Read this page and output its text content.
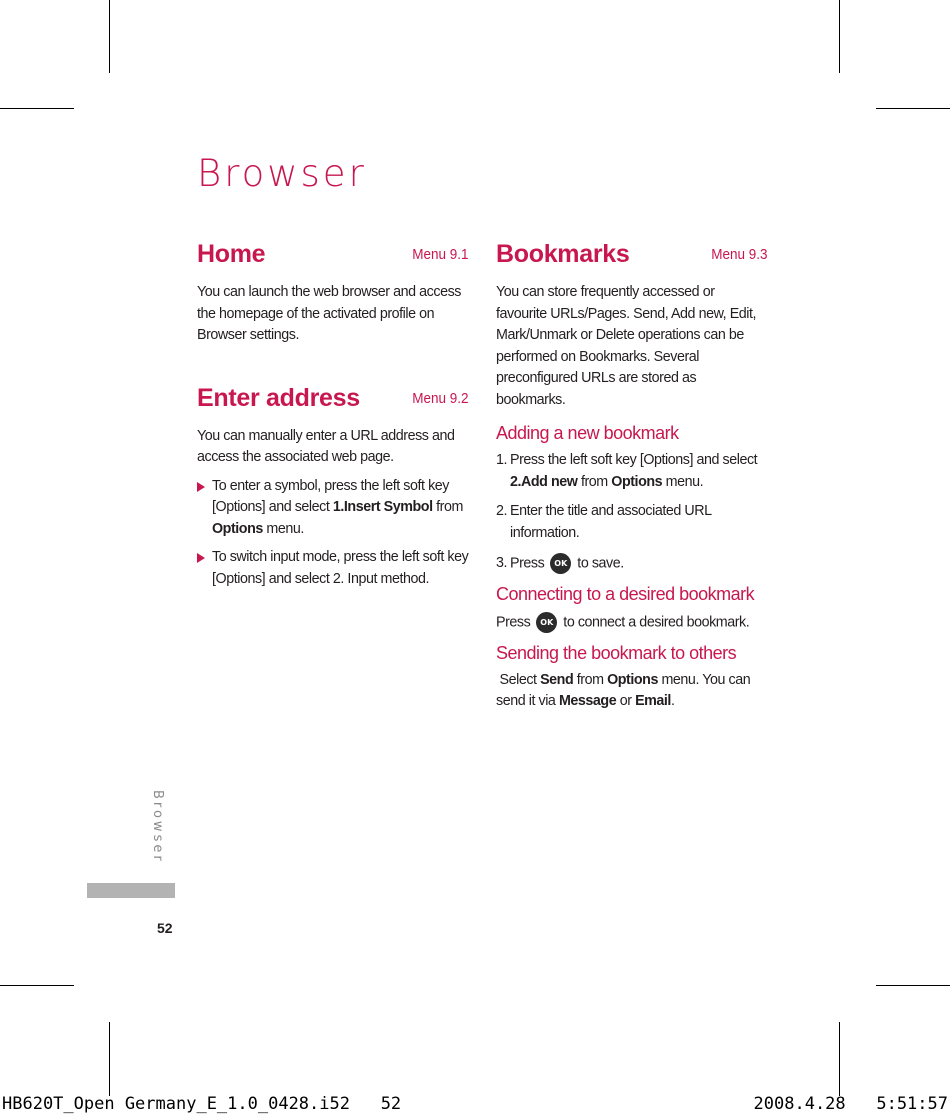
Browser
Home	Menu 9.1

You can launch the web browser and access the homepage of the activated profile on Browser settings.

Enter address	Menu 9.2

You can manually enter a URL address and access the associated web page.

To enter a symbol, press the left soft key [Options] and select 1.Insert Symbol from Options menu.
To switch input mode, press the left soft key [Options] and select 2. Input method.
Bookmarks	Menu 9.3

You can store frequently accessed or favourite URLs/Pages. Send, Add new, Edit, Mark/Unmark or Delete operations can be performed on Bookmarks. Several preconfigured URLs are stored as bookmarks.

Adding a new bookmark

1. Press the left soft key [Options] and select 2.Add new from Options menu.
2. Enter the title and associated URL information.
3. Press OK to save.

Connecting to a desired bookmark

Press OK to connect a desired bookmark.

Sending the bookmark to others

Select Send from Options menu. You can send it via Message or Email.

Browser
52
HB620T_Open Germany_E_1.0_0428.i52   52	2008.4.28   5:51:57
